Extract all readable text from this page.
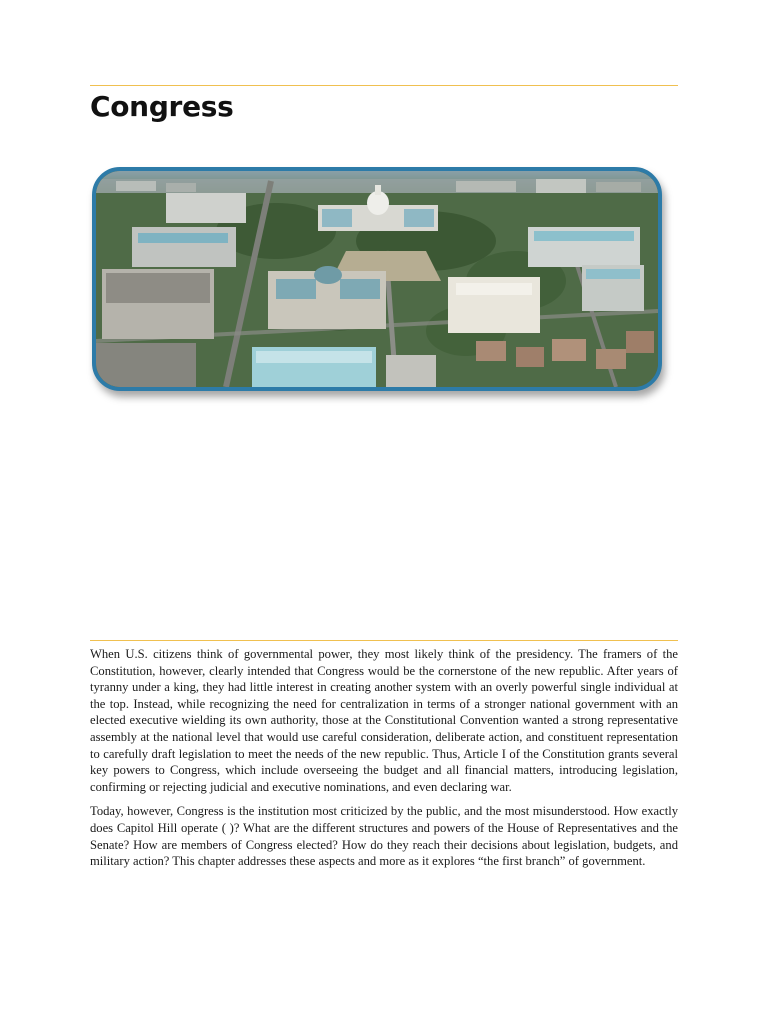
Congress

When U.S. citizens think of governmental power, they most likely think of the presidency. The framers of the Constitution, however, clearly intended that Congress would be the cornerstone of the new republic. After years of tyranny under a king, they had little interest in creating another system with an overly powerful single individual at the top. Instead, while recognizing the need for centralization in terms of a stronger national government with an elected executive wielding its own authority, those at the Constitutional Convention wanted a strong representative assembly at the national level that would use careful consideration, deliberate action, and constituent representation to carefully draft legislation to meet the needs of the new republic. Thus, Article I of the Constitution grants several key powers to Congress, which include overseeing the budget and all financial matters, introducing legislation, confirming or rejecting judicial and executive nominations, and even declaring war.

Today, however, Congress is the institution most criticized by the public, and the most misunderstood. How exactly does Capitol Hill operate ( )? What are the different structures and powers of the House of Representatives and the Senate? How are members of Congress elected? How do they reach their decisions about legislation, budgets, and military action? This chapter addresses these aspects and more as it explores “the first branch” of government.
